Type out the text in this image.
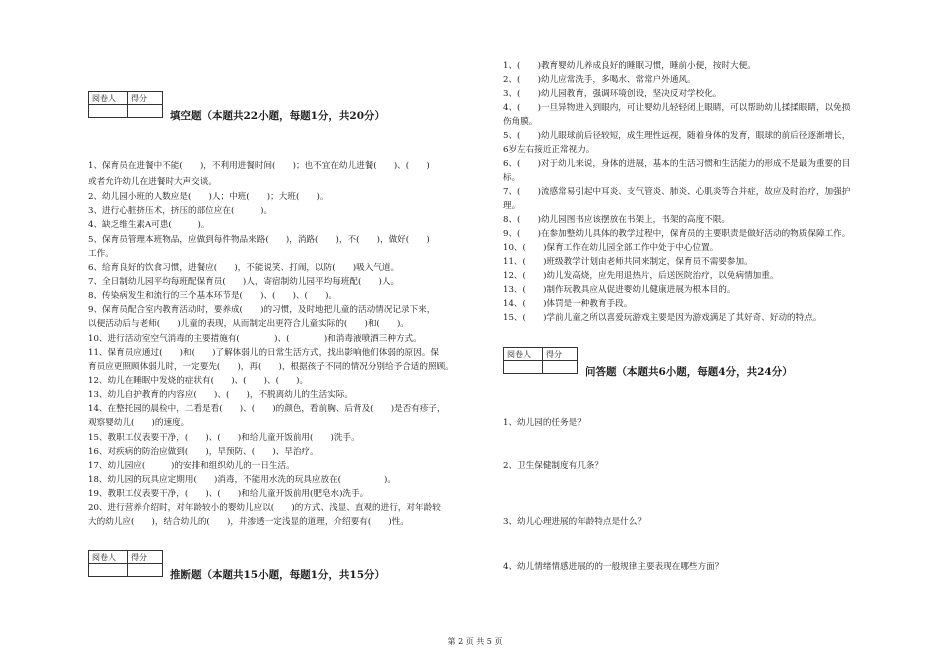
阅卷人	得分

填空题（本题共22小题，每题1分，共20分）
1、保育员在进餐中不能(　　)，不利用进餐时间(　　)；也不宜在幼儿进餐(　　)、(　　)
或者允许幼儿在进餐时大声交谈。
2、幼儿园小班的人数应是(　　)人；中班(　　)；大班(　　)。
3、进行心脏挤压术，挤压的部位应在(　　　)。
4、缺乏维生素A可患(　　　)。
5、保育员管理本班物品，应做到每件物品来路(　　)，消路(　　)，不(　　)，做好(　　)
工作。
6、给育良好的饮食习惯，进餐应(　　)，不能说笑、打闹，以防(　　)吸入气道。
7、全日制幼儿园平均每班配保育员(　　)人，寄宿制幼儿园平均每班配(　　)人。
8、传染病发生和流行的三个基本环节是(　　)、(　　)、(　　)。
9、保育员配合室内教育活动时，要养成(　　)的习惯，及时地把儿童的活动情况记录下来，
以便活动后与老师(　　)儿童的表现，从而制定出更符合儿童实际的(　　)和(　　)。
10、进行活动室空气消毒的主要措施有(　　　　)、(　　　　)和消毒液喷洒三种方式。
11、保育员应通过(　　)和(　　)了解体弱儿的日常生活方式，找出影响他们体弱的原因。保
育员应更照顾体弱儿时，一定要先(　　)，再(　　)，根据孩子不同的情况分别给予合适的照顾。
12、幼儿在睡眠中发烧的症状有(　　)、(　　)、(　　)。
13、幼儿自护教育的内容应(　　)、(　　)，不脱离幼儿的生活实际。
14、在整托园的晨检中，二看是看(　　)、(　　)的颜色，看前胸、后背及(　　)是否有疹子，
观察婴幼儿(　　)的速度。
15、教职工仪表要干净，(　　)、(　　)和给儿童开饭前用(　　)洗手。
16、对疾病的防治应做到(　　)，早预防、(　　)、早治疗。
17、幼儿园应(　　　)的安排和组织幼儿的一日生活。
18、幼儿园的玩具应定期用(　　)消毒，不能用水洗的玩具应放在(　　　　　)。
19、教职工仪表要干净，(　　)、(　　)和给儿童开饭前用(肥皂水)洗手。
20、进行营养介绍时，对年龄较小的婴幼儿应以(　　)的方式、浅显、直观的进行，对年龄较
大的幼儿应(　　)，结合幼儿的(　　)，并渗透一定浅显的道理，介绍要有(　　)性。
阅卷人	得分

推断题（本题共15小题，每题1分，共15分）
1、(　　)教育婴幼儿养成良好的睡眠习惯，睡前小便，按时大便。
2、(　　)幼儿应常洗手，多喝水、常常户外通风。
3、(　　)幼儿园教育，强调环境创设，坚决反对学校化。
4、(　　)一旦异物进入到眼内，可让婴幼儿轻轻闭上眼睛，可以帮助幼儿揉揉眼睛，以免损
伤角膜。
5、(　　)幼儿眼球前后径较短，成生理性远视，随着身体的发育，眼球的前后径逐渐增长，
6岁左右接近正常视力。
6、(　　)对于幼儿来说，身体的进展，基本的生活习惯和生活能力的形成不是最为重要的目
标。
7、(　　)流感常易引起中耳炎、支气管炎、肺炎、心肌炎等合并症，故应及时治疗，加强护
理。
8、(　　)幼儿园图书应该摆放在书架上，书架的高度不限。
9、(　　)在参加整幼儿具体的教学过程中，保育员的主要职责是做好活动的物质保障工作。
10、(　　)保育工作在幼儿园全部工作中处于中心位置。
11、(　　)班级教学计划由老师共同来制定，保育员不需要参加。
12、(　　)幼儿发高烧，应先用退热片，后送医院治疗，以免病情加重。
13、(　　)制作玩教具应从促进婴幼儿健康进展为根本目的。
14、(　　)体罚是一种教育手段。
15、(　　)学前儿童之所以喜爱玩游戏主要是因为游戏满足了其好奇、好动的特点。
阅卷人	得分

问答题（本题共6小题，每题4分，共24分）
1、幼儿园的任务是？
2、卫生保健制度有几条？
3、幼儿心理进展的年龄特点是什么？
4、幼儿情绪情感进展的的一般规律主要表现在哪些方面？
第 2 页 共 5 页
